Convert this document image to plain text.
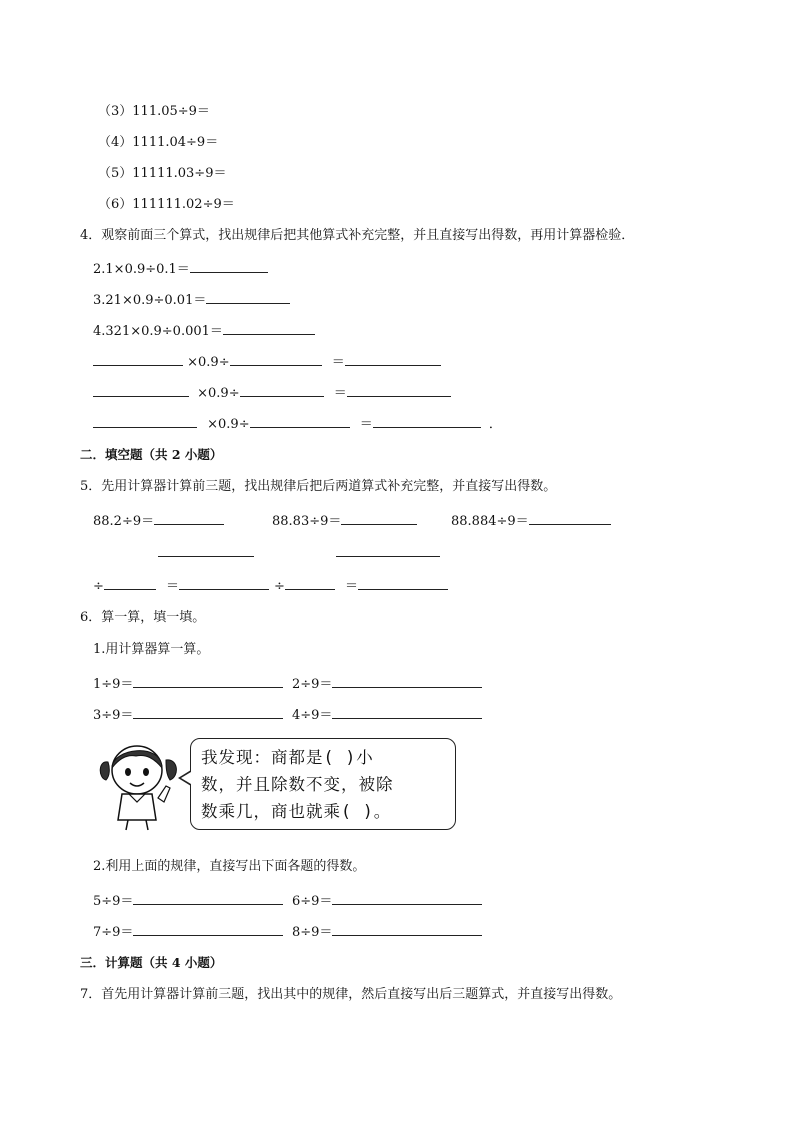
（3）111.05÷9＝
（4）1111.04÷9＝
（5）11111.03÷9＝
（6）111111.02÷9＝
4．观察前面三个算式，找出规律后把其他算式补充完整，并且直接写出得数，再用计算器检验．
2.1×0.9÷0.1＝
3.21×0.9÷0.01＝
4.321×0.9÷0.001＝
×0.9÷	＝
×0.9÷	＝
×0.9÷	＝	．
二．填空题（共 2 小题）
5．先用计算器计算前三题，找出规律后把后两道算式补充完整，并直接写出得数。
88.2÷9＝	88.83÷9＝	88.884÷9＝
÷	＝	÷	＝
6．算一算，填一填。
1.用计算器算一算。
1÷9＝	2÷9＝
3÷9＝	4÷9＝
我发现：商都是( )小
数，并且除数不变，被除
数乘几，商也就乘( )。
2.利用上面的规律，直接写出下面各题的得数。
5÷9＝	6÷9＝
7÷9＝	8÷9＝
三．计算题（共 4 小题）
7．首先用计算器计算前三题，找出其中的规律，然后直接写出后三题算式，并直接写出得数。
